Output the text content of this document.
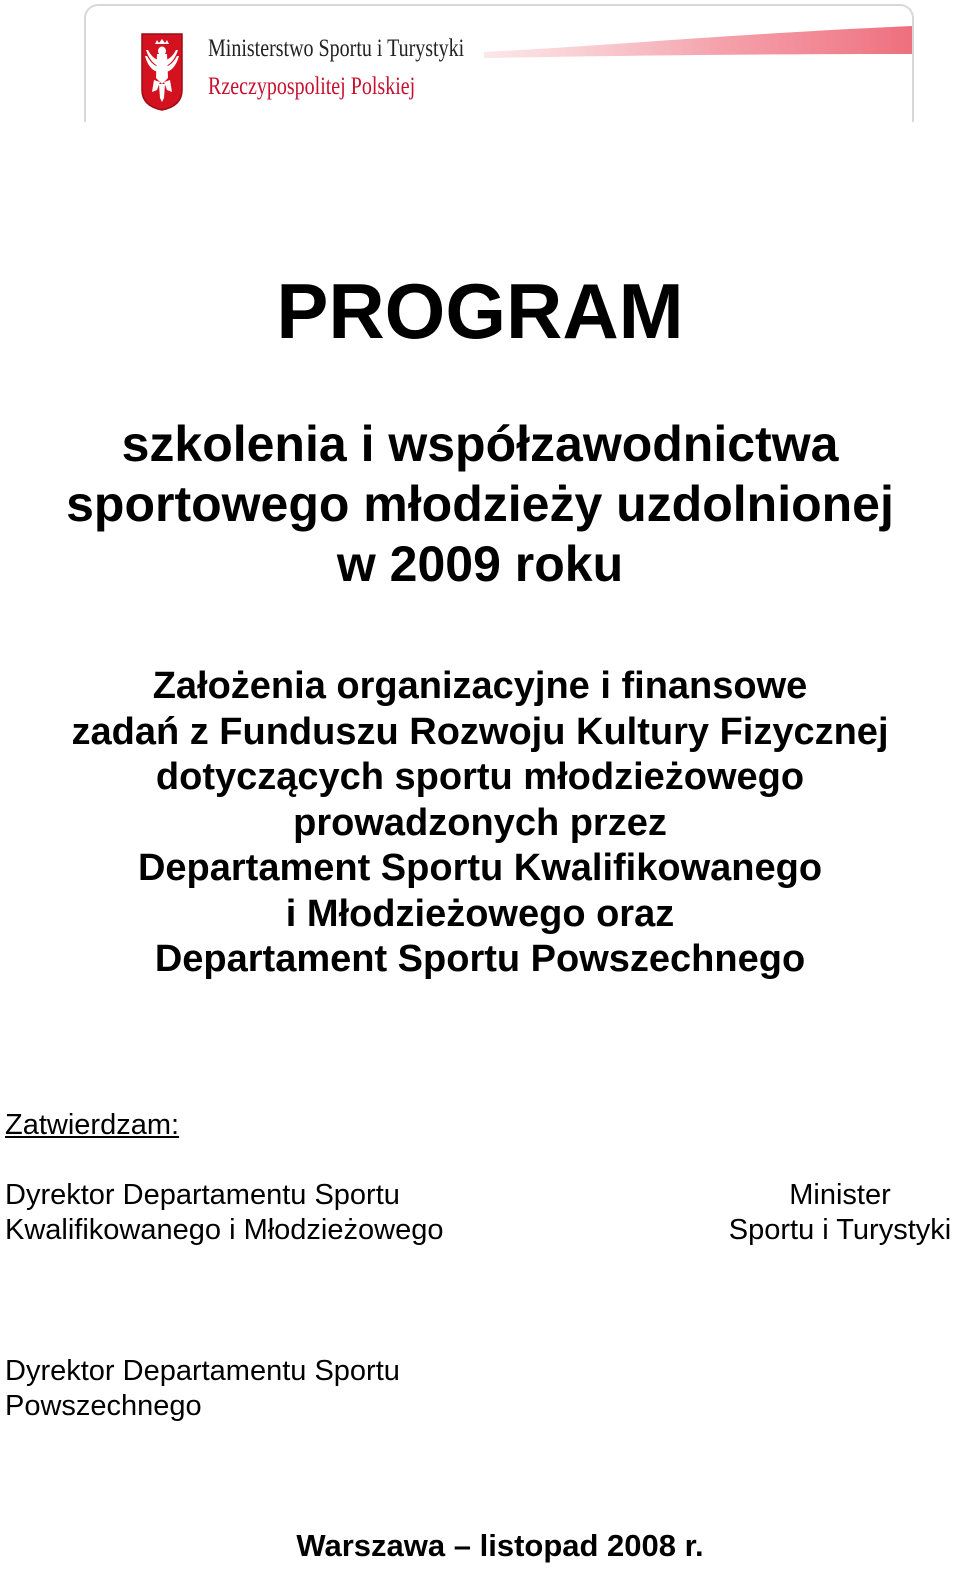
Ministerstwo Sportu i Turystyki
Rzeczypospolitej Polskiej
PROGRAM
szkolenia i współzawodnictwa
sportowego młodzieży uzdolnionej
w 2009 roku
Założenia organizacyjne i finansowe
zadań z Funduszu Rozwoju Kultury Fizycznej
dotyczących sportu młodzieżowego
prowadzonych przez
Departament Sportu Kwalifikowanego
i Młodzieżowego oraz
Departament Sportu Powszechnego
Zatwierdzam:
Dyrektor Departamentu Sportu
Kwalifikowanego i Młodzieżowego
Minister
Sportu i Turystyki
Dyrektor Departamentu Sportu
Powszechnego
Warszawa – listopad 2008 r.
